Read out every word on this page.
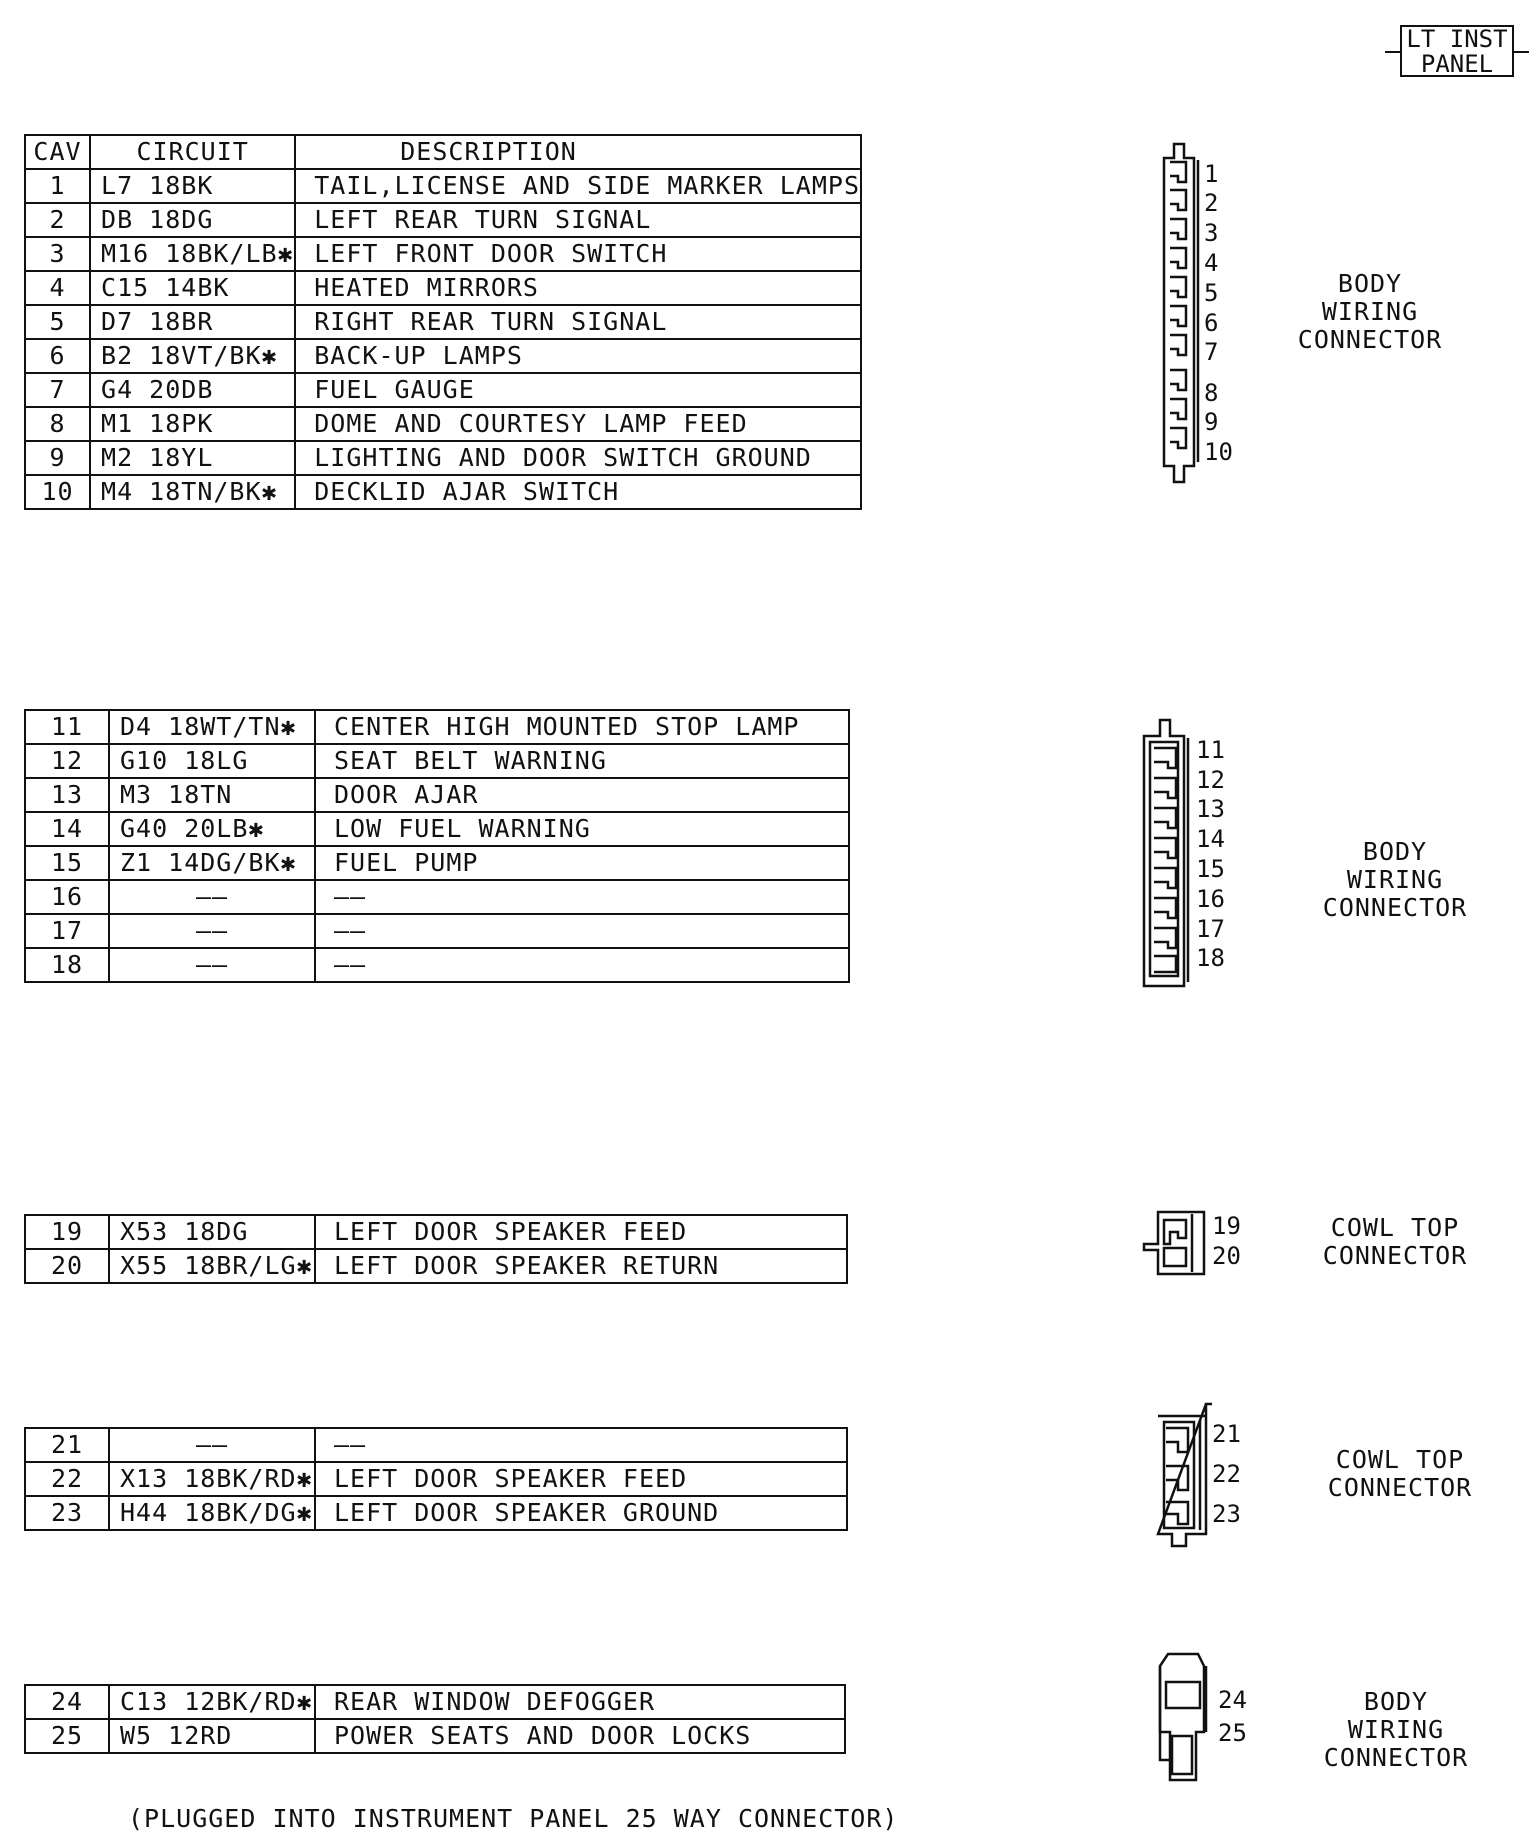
LT INST
PANEL
CAV	CIRCUIT	DESCRIPTION
1	L7 18BK	TAIL,LICENSE AND SIDE MARKER LAMPS
2	DB 18DG	LEFT REAR TURN SIGNAL
3	M16 18BK/LB✱	LEFT FRONT DOOR SWITCH
4	C15 14BK	HEATED MIRRORS
5	D7 18BR	RIGHT REAR TURN SIGNAL
6	B2 18VT/BK✱	BACK-UP LAMPS
7	G4 20DB	FUEL GAUGE
8	M1 18PK	DOME AND COURTESY LAMP FEED
9	M2 18YL	LIGHTING AND DOOR SWITCH GROUND
10	M4 18TN/BK✱	DECKLID AJAR SWITCH
11	D4 18WT/TN✱	CENTER HIGH MOUNTED STOP LAMP
12	G10 18LG	SEAT BELT WARNING
13	M3 18TN	DOOR AJAR
14	G40 20LB✱	LOW FUEL WARNING
15	Z1 14DG/BK✱	FUEL PUMP
16	——	——
17	——	——
18	——	——
19	X53 18DG	LEFT DOOR SPEAKER FEED
20	X55 18BR/LG✱	LEFT DOOR SPEAKER RETURN
21	——	——
22	X13 18BK/RD✱	LEFT DOOR SPEAKER FEED
23	H44 18BK/DG✱	LEFT DOOR SPEAKER GROUND
24	C13 12BK/RD✱	REAR WINDOW DEFOGGER
25	W5 12RD	POWER SEATS AND DOOR LOCKS
1
2
3
4
5
6
7
8
9
10
BODY
WIRING
CONNECTOR
11
12
13
14
15
16
17
18
BODY
WIRING
CONNECTOR
19
20
COWL TOP
CONNECTOR
21
22
23
COWL TOP
CONNECTOR
24
25
BODY
WIRING
CONNECTOR
(PLUGGED INTO INSTRUMENT PANEL 25 WAY CONNECTOR)
